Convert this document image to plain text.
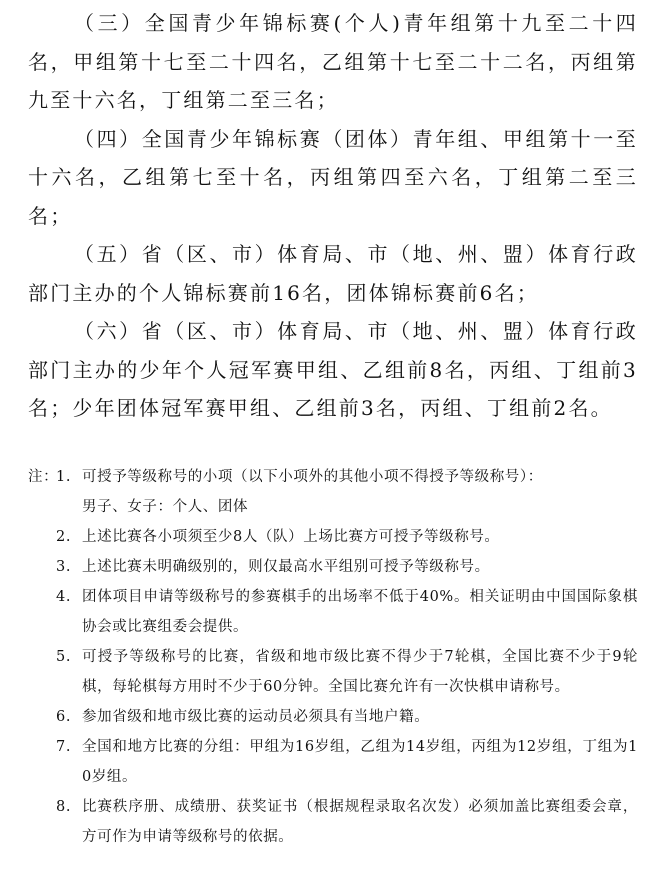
（三）全国青少年锦标赛(个人)青年组第十九至二十四名，甲组第十七至二十四名，乙组第十七至二十二名，丙组第九至十六名，丁组第二至三名；

（四）全国青少年锦标赛（团体）青年组、甲组第十一至十六名，乙组第七至十名，丙组第四至六名，丁组第二至三名；

（五）省（区、市）体育局、市（地、州、盟）体育行政部门主办的个人锦标赛前16名，团体锦标赛前6名；

（六）省（区、市）体育局、市（地、州、盟）体育行政部门主办的少年个人冠军赛甲组、乙组前8名，丙组、丁组前3名；少年团体冠军赛甲组、乙组前3名，丙组、丁组前2名。

注：
1. 可授予等级称号的小项（以下小项外的其他小项不得授予等级称号）：
男子、女子：个人、团体
2. 上述比赛各小项须至少8人（队）上场比赛方可授予等级称号。
3. 上述比赛未明确级别的，则仅最高水平组别可授予等级称号。
4. 团体项目申请等级称号的参赛棋手的出场率不低于40%。相关证明由中国国际象棋协会或比赛组委会提供。
5. 可授予等级称号的比赛，省级和地市级比赛不得少于7轮棋，全国比赛不少于9轮棋，每轮棋每方用时不少于60分钟。全国比赛允许有一次快棋申请称号。
6. 参加省级和地市级比赛的运动员必须具有当地户籍。
7. 全国和地方比赛的分组：甲组为16岁组，乙组为14岁组，丙组为12岁组，丁组为10岁组。
8. 比赛秩序册、成绩册、获奖证书（根据规程录取名次发）必须加盖比赛组委会章，方可作为申请等级称号的依据。
